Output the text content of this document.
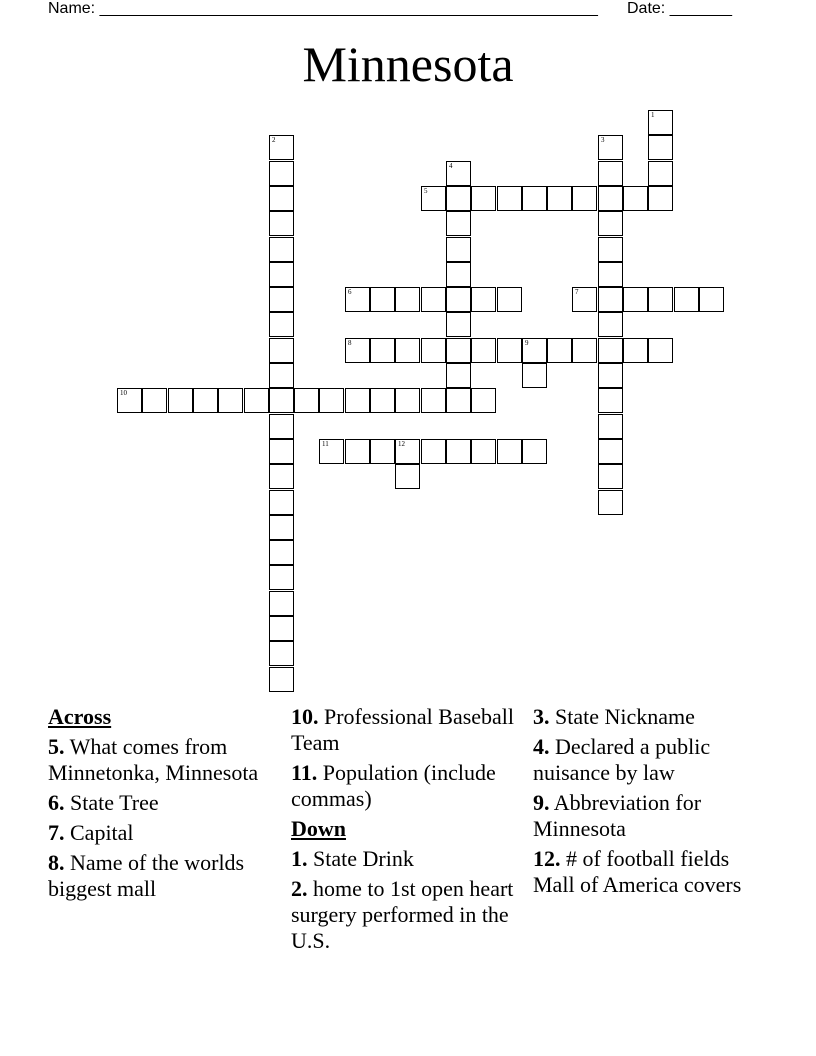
Name: ________________________________________________________ Date: _______
Minnesota
1
2	3
4
5
6	7
8	9
10
11	12
Across
5. What comes from Minnetonka, Minnesota
6. State Tree
7. Capital
8. Name of the worlds biggest mall
10. Professional Baseball Team
11. Population (include commas)
Down
1. State Drink
2. home to 1st open heart surgery performed in the U.S.
3. State Nickname
4. Declared a public nuisance by law
9. Abbreviation for Minnesota
12. # of football fields Mall of America covers
